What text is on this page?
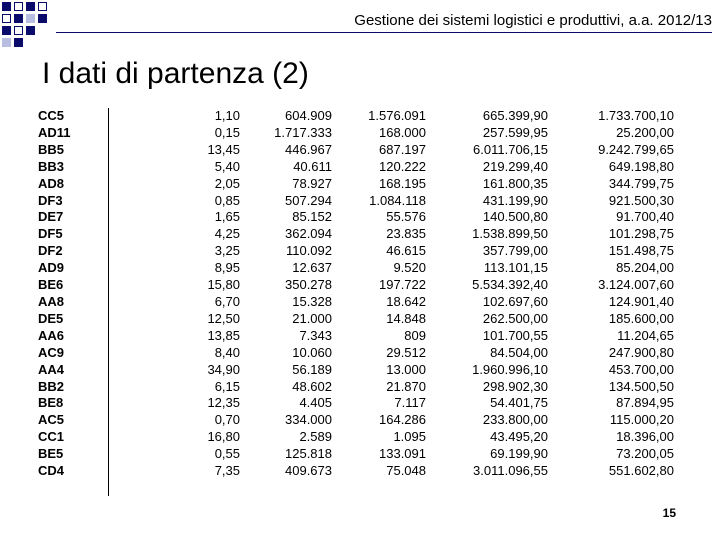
Gestione dei sistemi logistici e produttivi, a.a. 2012/13
I dati di partenza (2)
CC5	1,10	604.909	1.576.091	665.399,90	1.733.700,10
AD11	0,15	1.717.333	168.000	257.599,95	25.200,00
BB5	13,45	446.967	687.197	6.011.706,15	9.242.799,65
BB3	5,40	40.611	120.222	219.299,40	649.198,80
AD8	2,05	78.927	168.195	161.800,35	344.799,75
DF3	0,85	507.294	1.084.118	431.199,90	921.500,30
DE7	1,65	85.152	55.576	140.500,80	91.700,40
DF5	4,25	362.094	23.835	1.538.899,50	101.298,75
DF2	3,25	110.092	46.615	357.799,00	151.498,75
AD9	8,95	12.637	9.520	113.101,15	85.204,00
BE6	15,80	350.278	197.722	5.534.392,40	3.124.007,60
AA8	6,70	15.328	18.642	102.697,60	124.901,40
DE5	12,50	21.000	14.848	262.500,00	185.600,00
AA6	13,85	7.343	809	101.700,55	11.204,65
AC9	8,40	10.060	29.512	84.504,00	247.900,80
AA4	34,90	56.189	13.000	1.960.996,10	453.700,00
BB2	6,15	48.602	21.870	298.902,30	134.500,50
BE8	12,35	4.405	7.117	54.401,75	87.894,95
AC5	0,70	334.000	164.286	233.800,00	115.000,20
CC1	16,80	2.589	1.095	43.495,20	18.396,00
BE5	0,55	125.818	133.091	69.199,90	73.200,05
CD4	7,35	409.673	75.048	3.011.096,55	551.602,80
15
